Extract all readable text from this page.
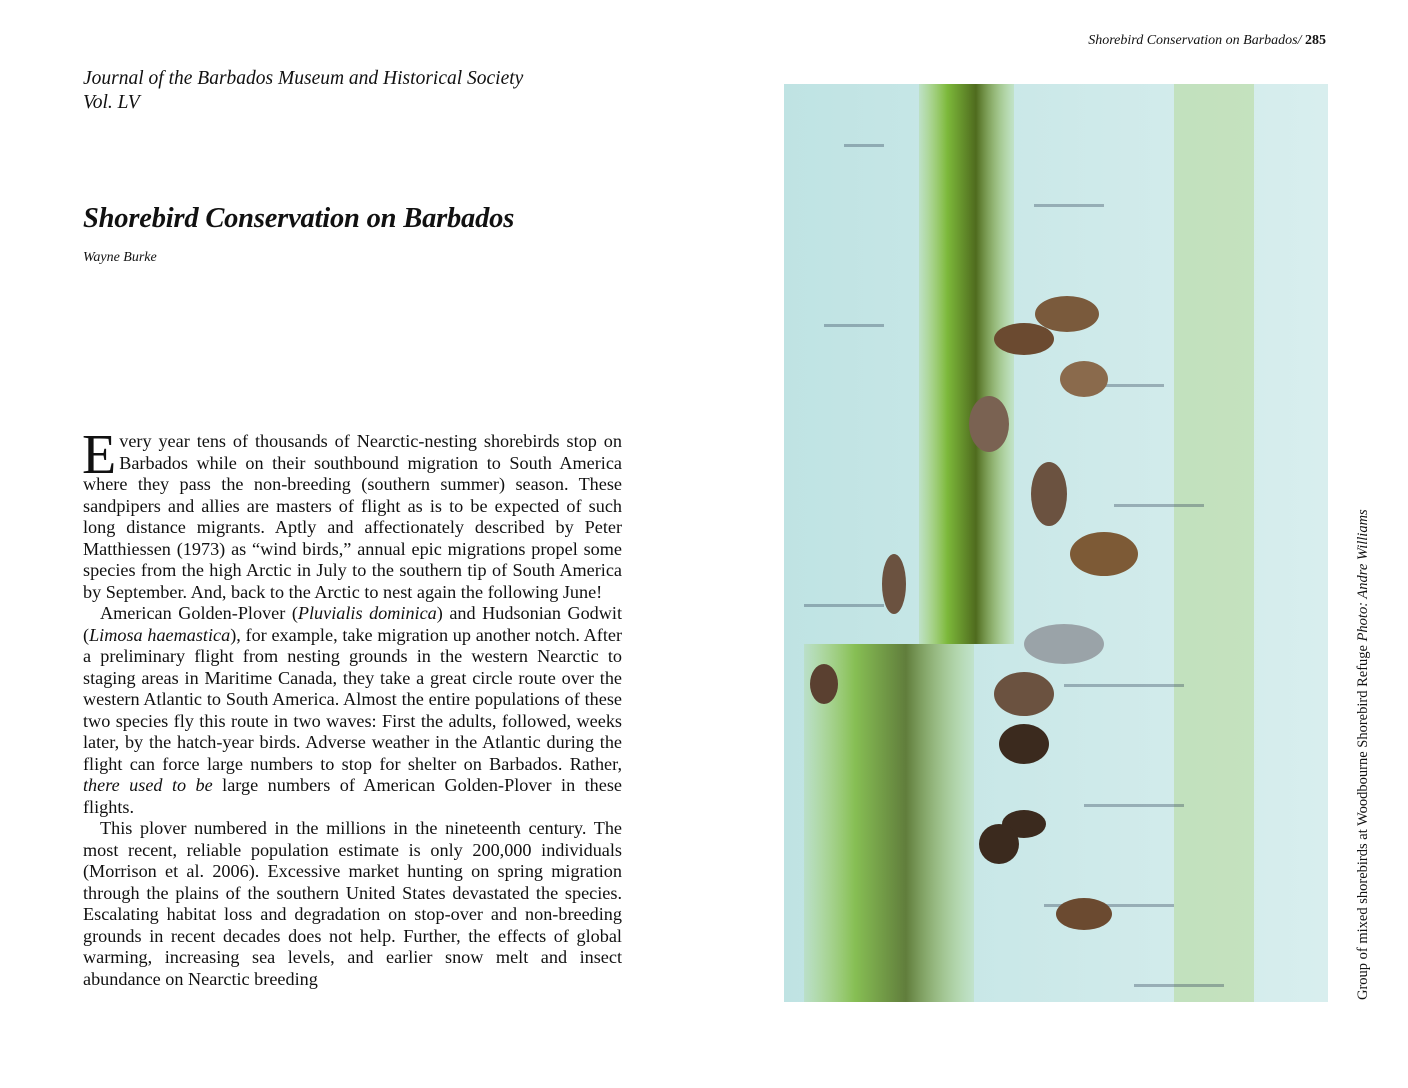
Shorebird Conservation on Barbados/ 285
Journal of the Barbados Museum and Historical Society
Vol. LV
Shorebird Conservation on Barbados
Wayne Burke

Every year tens of thousands of Nearctic-nesting shorebirds stop on Barbados while on their southbound migration to South America where they pass the non-breeding (southern summer) season. These sandpipers and allies are masters of flight as is to be expected of such long distance migrants. Aptly and affectionately described by Peter Matthiessen (1973) as “wind birds,” annual epic migrations propel some species from the high Arctic in July to the southern tip of South America by September. And, back to the Arctic to nest again the following June!

American Golden-Plover (Pluvialis dominica) and Hudsonian Godwit (Limosa haemastica), for example, take migration up another notch. After a preliminary flight from nesting grounds in the western Nearctic to staging areas in Maritime Canada, they take a great circle route over the western Atlantic to South America. Almost the entire populations of these two species fly this route in two waves: First the adults, followed, weeks later, by the hatch-year birds. Adverse weather in the Atlantic during the flight can force large numbers to stop for shelter on Barbados. Rather, there used to be large numbers of American Golden-Plover in these flights.

This plover numbered in the millions in the nineteenth century. The most recent, reliable population estimate is only 200,000 individuals (Morrison et al. 2006). Excessive market hunting on spring migration through the plains of the southern United States devastated the species. Escalating habitat loss and degradation on stop-over and non-breeding grounds in recent decades does not help. Further, the effects of global warming, increasing sea levels, and earlier snow melt and insect abundance on Nearctic breeding	Group of mixed shorebirds at Woodbourne Shorebird Refuge Photo: Andre Williams
